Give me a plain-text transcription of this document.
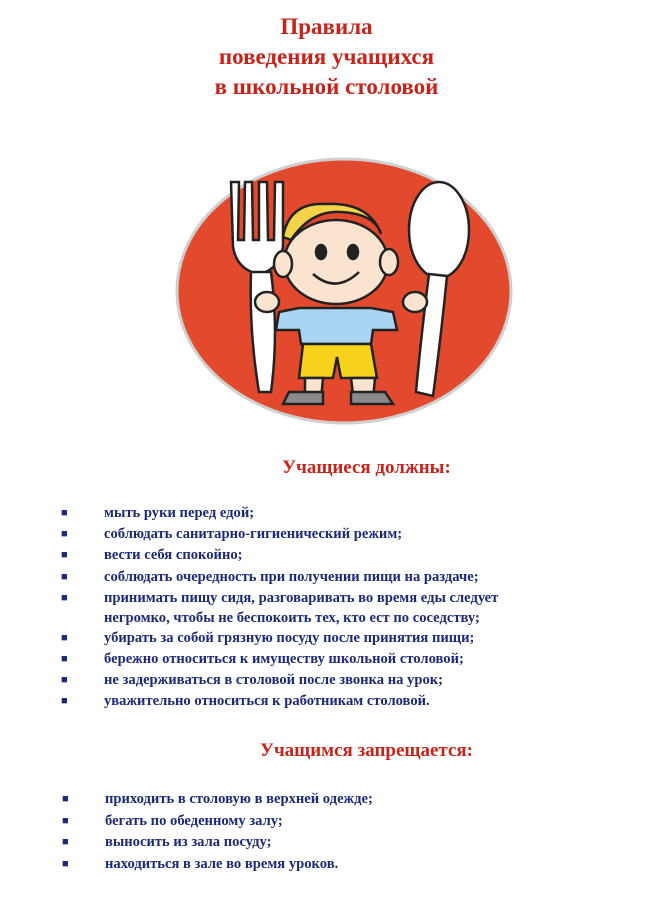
Правила
поведения учащихся
в школьной столовой
Учащиеся должны:
■ мыть руки перед едой;
■ соблюдать санитарно-гигиенический режим;
■ вести себя спокойно;
■ соблюдать очередность при получении пищи на раздаче;
■ принимать пищу сидя, разговаривать во время еды следует
негромко, чтобы не беспокоить тех, кто ест по соседству;
■ убирать за собой грязную посуду после принятия пищи;
■ бережно относиться к имуществу школьной столовой;
■ не задерживаться в столовой после звонка на урок;
■ уважительно относиться к работникам столовой.
Учащимся запрещается:
■ приходить в столовую в верхней одежде;
■ бегать по обеденному залу;
■ выносить из зала посуду;
■ находиться в зале во время уроков.
